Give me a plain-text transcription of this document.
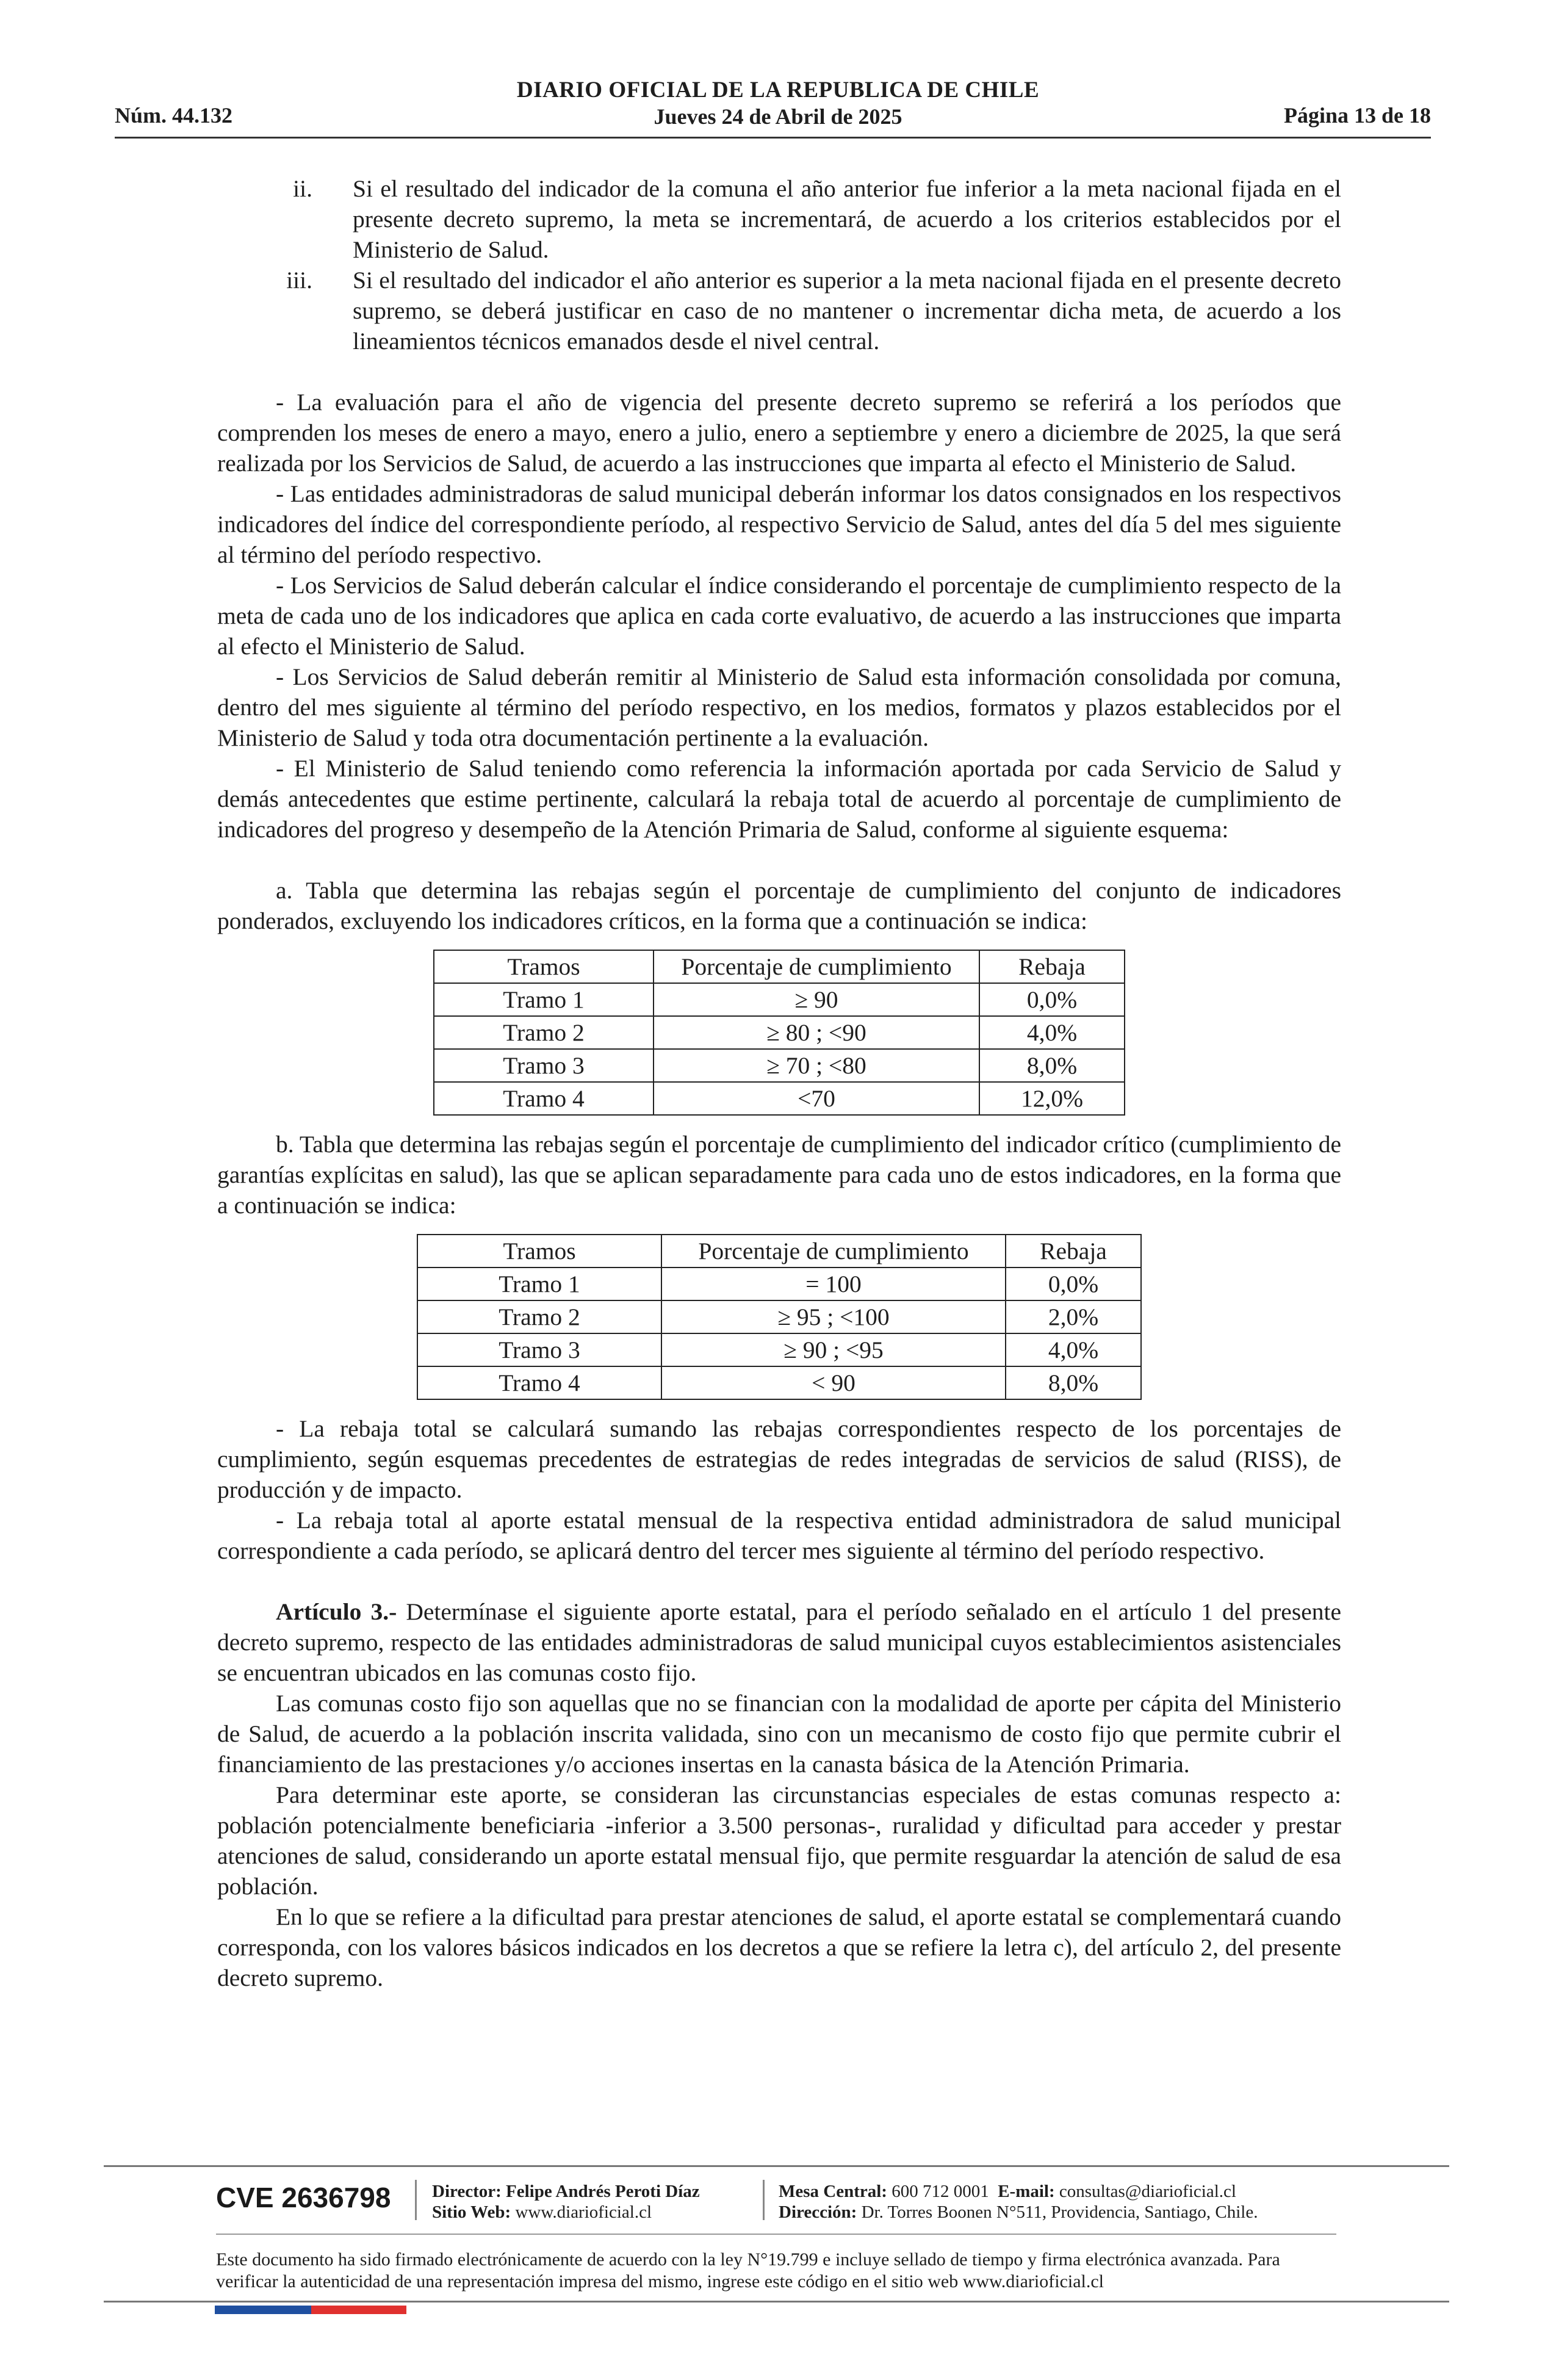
Núm. 44.132
DIARIO OFICIAL DE LA REPUBLICA DE CHILE
Jueves 24 de Abril de 2025	Página 13 de 18

ii. Si el resultado del indicador de la comuna el año anterior fue inferior a la meta nacional fijada en el presente decreto supremo, la meta se incrementará, de acuerdo a los criterios establecidos por el Ministerio de Salud.

iii. Si el resultado del indicador el año anterior es superior a la meta nacional fijada en el presente decreto supremo, se deberá justificar en caso de no mantener o incrementar dicha meta, de acuerdo a los lineamientos técnicos emanados desde el nivel central.

- La evaluación para el año de vigencia del presente decreto supremo se referirá a los períodos que comprenden los meses de enero a mayo, enero a julio, enero a septiembre y enero a diciembre de 2025, la que será realizada por los Servicios de Salud, de acuerdo a las instrucciones que imparta al efecto el Ministerio de Salud.

- Las entidades administradoras de salud municipal deberán informar los datos consignados en los respectivos indicadores del índice del correspondiente período, al respectivo Servicio de Salud, antes del día 5 del mes siguiente al término del período respectivo.

- Los Servicios de Salud deberán calcular el índice considerando el porcentaje de cumplimiento respecto de la meta de cada uno de los indicadores que aplica en cada corte evaluativo, de acuerdo a las instrucciones que imparta al efecto el Ministerio de Salud.

- Los Servicios de Salud deberán remitir al Ministerio de Salud esta información consolidada por comuna, dentro del mes siguiente al término del período respectivo, en los medios, formatos y plazos establecidos por el Ministerio de Salud y toda otra documentación pertinente a la evaluación.

- El Ministerio de Salud teniendo como referencia la información aportada por cada Servicio de Salud y demás antecedentes que estime pertinente, calculará la rebaja total de acuerdo al porcentaje de cumplimiento de indicadores del progreso y desempeño de la Atención Primaria de Salud, conforme al siguiente esquema:

a. Tabla que determina las rebajas según el porcentaje de cumplimiento del conjunto de indicadores ponderados, excluyendo los indicadores críticos, en la forma que a continuación se indica:

Tramos	Porcentaje de cumplimiento	Rebaja
Tramo 1	≥ 90	0,0%
Tramo 2	≥ 80 ; <90	4,0%
Tramo 3	≥ 70 ; <80	8,0%
Tramo 4	<70	12,0%

b. Tabla que determina las rebajas según el porcentaje de cumplimiento del indicador crítico (cumplimiento de garantías explícitas en salud), las que se aplican separadamente para cada uno de estos indicadores, en la forma que a continuación se indica:

Tramos	Porcentaje de cumplimiento	Rebaja
Tramo 1	= 100	0,0%
Tramo 2	≥ 95 ; <100	2,0%
Tramo 3	≥ 90 ; <95	4,0%
Tramo 4	< 90	8,0%

- La rebaja total se calculará sumando las rebajas correspondientes respecto de los porcentajes de cumplimiento, según esquemas precedentes de estrategias de redes integradas de servicios de salud (RISS), de producción y de impacto.

- La rebaja total al aporte estatal mensual de la respectiva entidad administradora de salud municipal correspondiente a cada período, se aplicará dentro del tercer mes siguiente al término del período respectivo.

Artículo 3.- Determínase el siguiente aporte estatal, para el período señalado en el artículo 1 del presente decreto supremo, respecto de las entidades administradoras de salud municipal cuyos establecimientos asistenciales se encuentran ubicados en las comunas costo fijo.

Las comunas costo fijo son aquellas que no se financian con la modalidad de aporte per cápita del Ministerio de Salud, de acuerdo a la población inscrita validada, sino con un mecanismo de costo fijo que permite cubrir el financiamiento de las prestaciones y/o acciones insertas en la canasta básica de la Atención Primaria.

Para determinar este aporte, se consideran las circunstancias especiales de estas comunas respecto a: población potencialmente beneficiaria -inferior a 3.500 personas-, ruralidad y dificultad para acceder y prestar atenciones de salud, considerando un aporte estatal mensual fijo, que permite resguardar la atención de salud de esa población.

En lo que se refiere a la dificultad para prestar atenciones de salud, el aporte estatal se complementará cuando corresponda, con los valores básicos indicados en los decretos a que se refiere la letra c), del artículo 2, del presente decreto supremo.

CVE 2636798 Director: Felipe Andrés Peroti Díaz
Sitio Web: www.diarioficial.cl
Mesa Central: 600 712 0001 E-mail: consultas@diarioficial.cl
Dirección: Dr. Torres Boonen N°511, Providencia, Santiago, Chile.
Este documento ha sido firmado electrónicamente de acuerdo con la ley N°19.799 e incluye sellado de tiempo y firma electrónica avanzada. Para verificar la autenticidad de una representación impresa del mismo, ingrese este código en el sitio web www.diarioficial.cl
